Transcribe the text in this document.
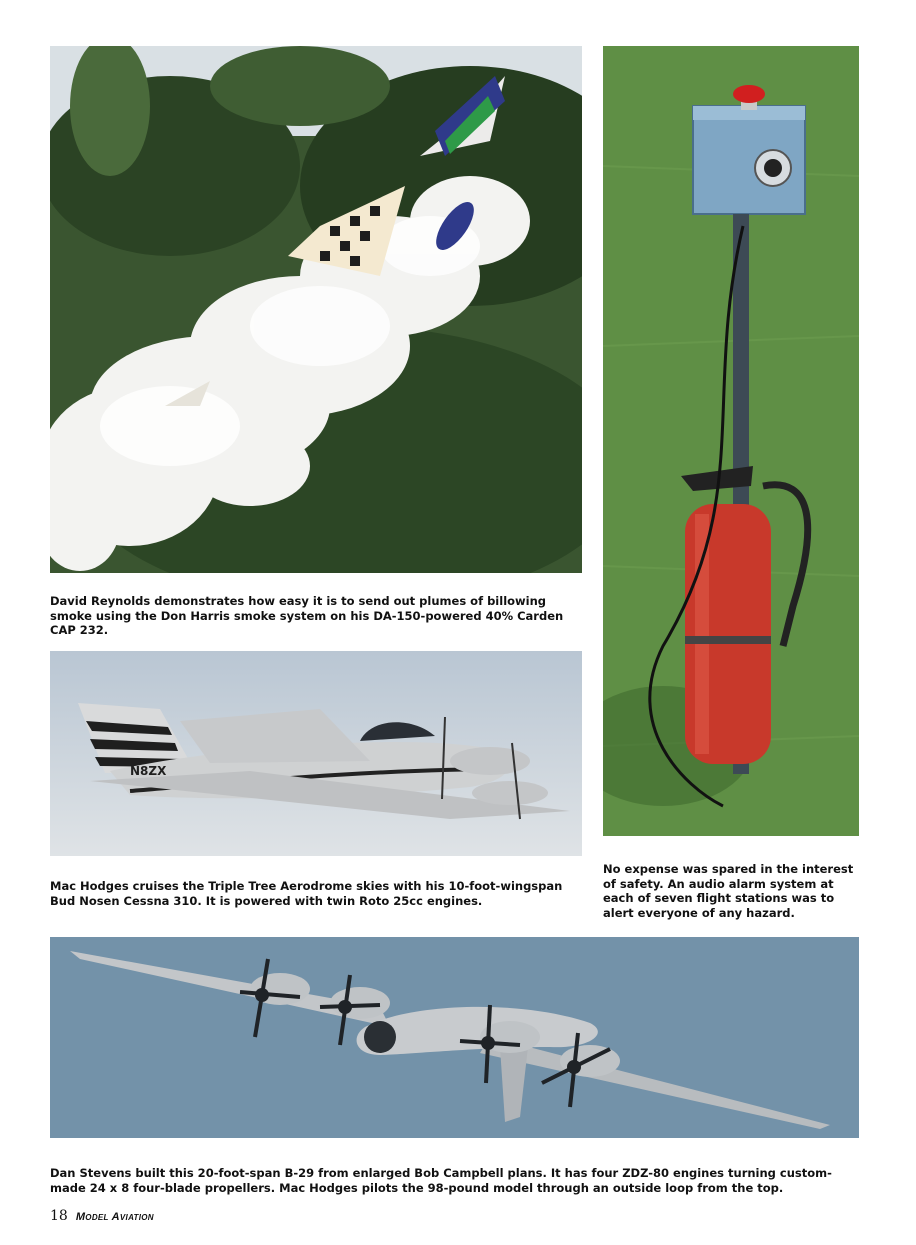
N8ZX

David Reynolds demonstrates how easy it is to send out plumes of billowing smoke using the Don Harris smoke system on his DA-150-powered 40% Carden CAP 232.

No expense was spared in the interest of safety. An audio alarm system at each of seven flight stations was to alert everyone of any hazard.

Mac Hodges cruises the Triple Tree Aerodrome skies with his 10-foot-wingspan Bud Nosen Cessna 310. It is powered with twin Roto 25cc engines.

Dan Stevens built this 20-foot-span B-29 from enlarged Bob Campbell plans. It has four ZDZ-80 engines turning custom-made 24 x 8 four-blade propellers. Mac Hodges pilots the 98-pound model through an outside loop from the top.

18 Model Aviation
